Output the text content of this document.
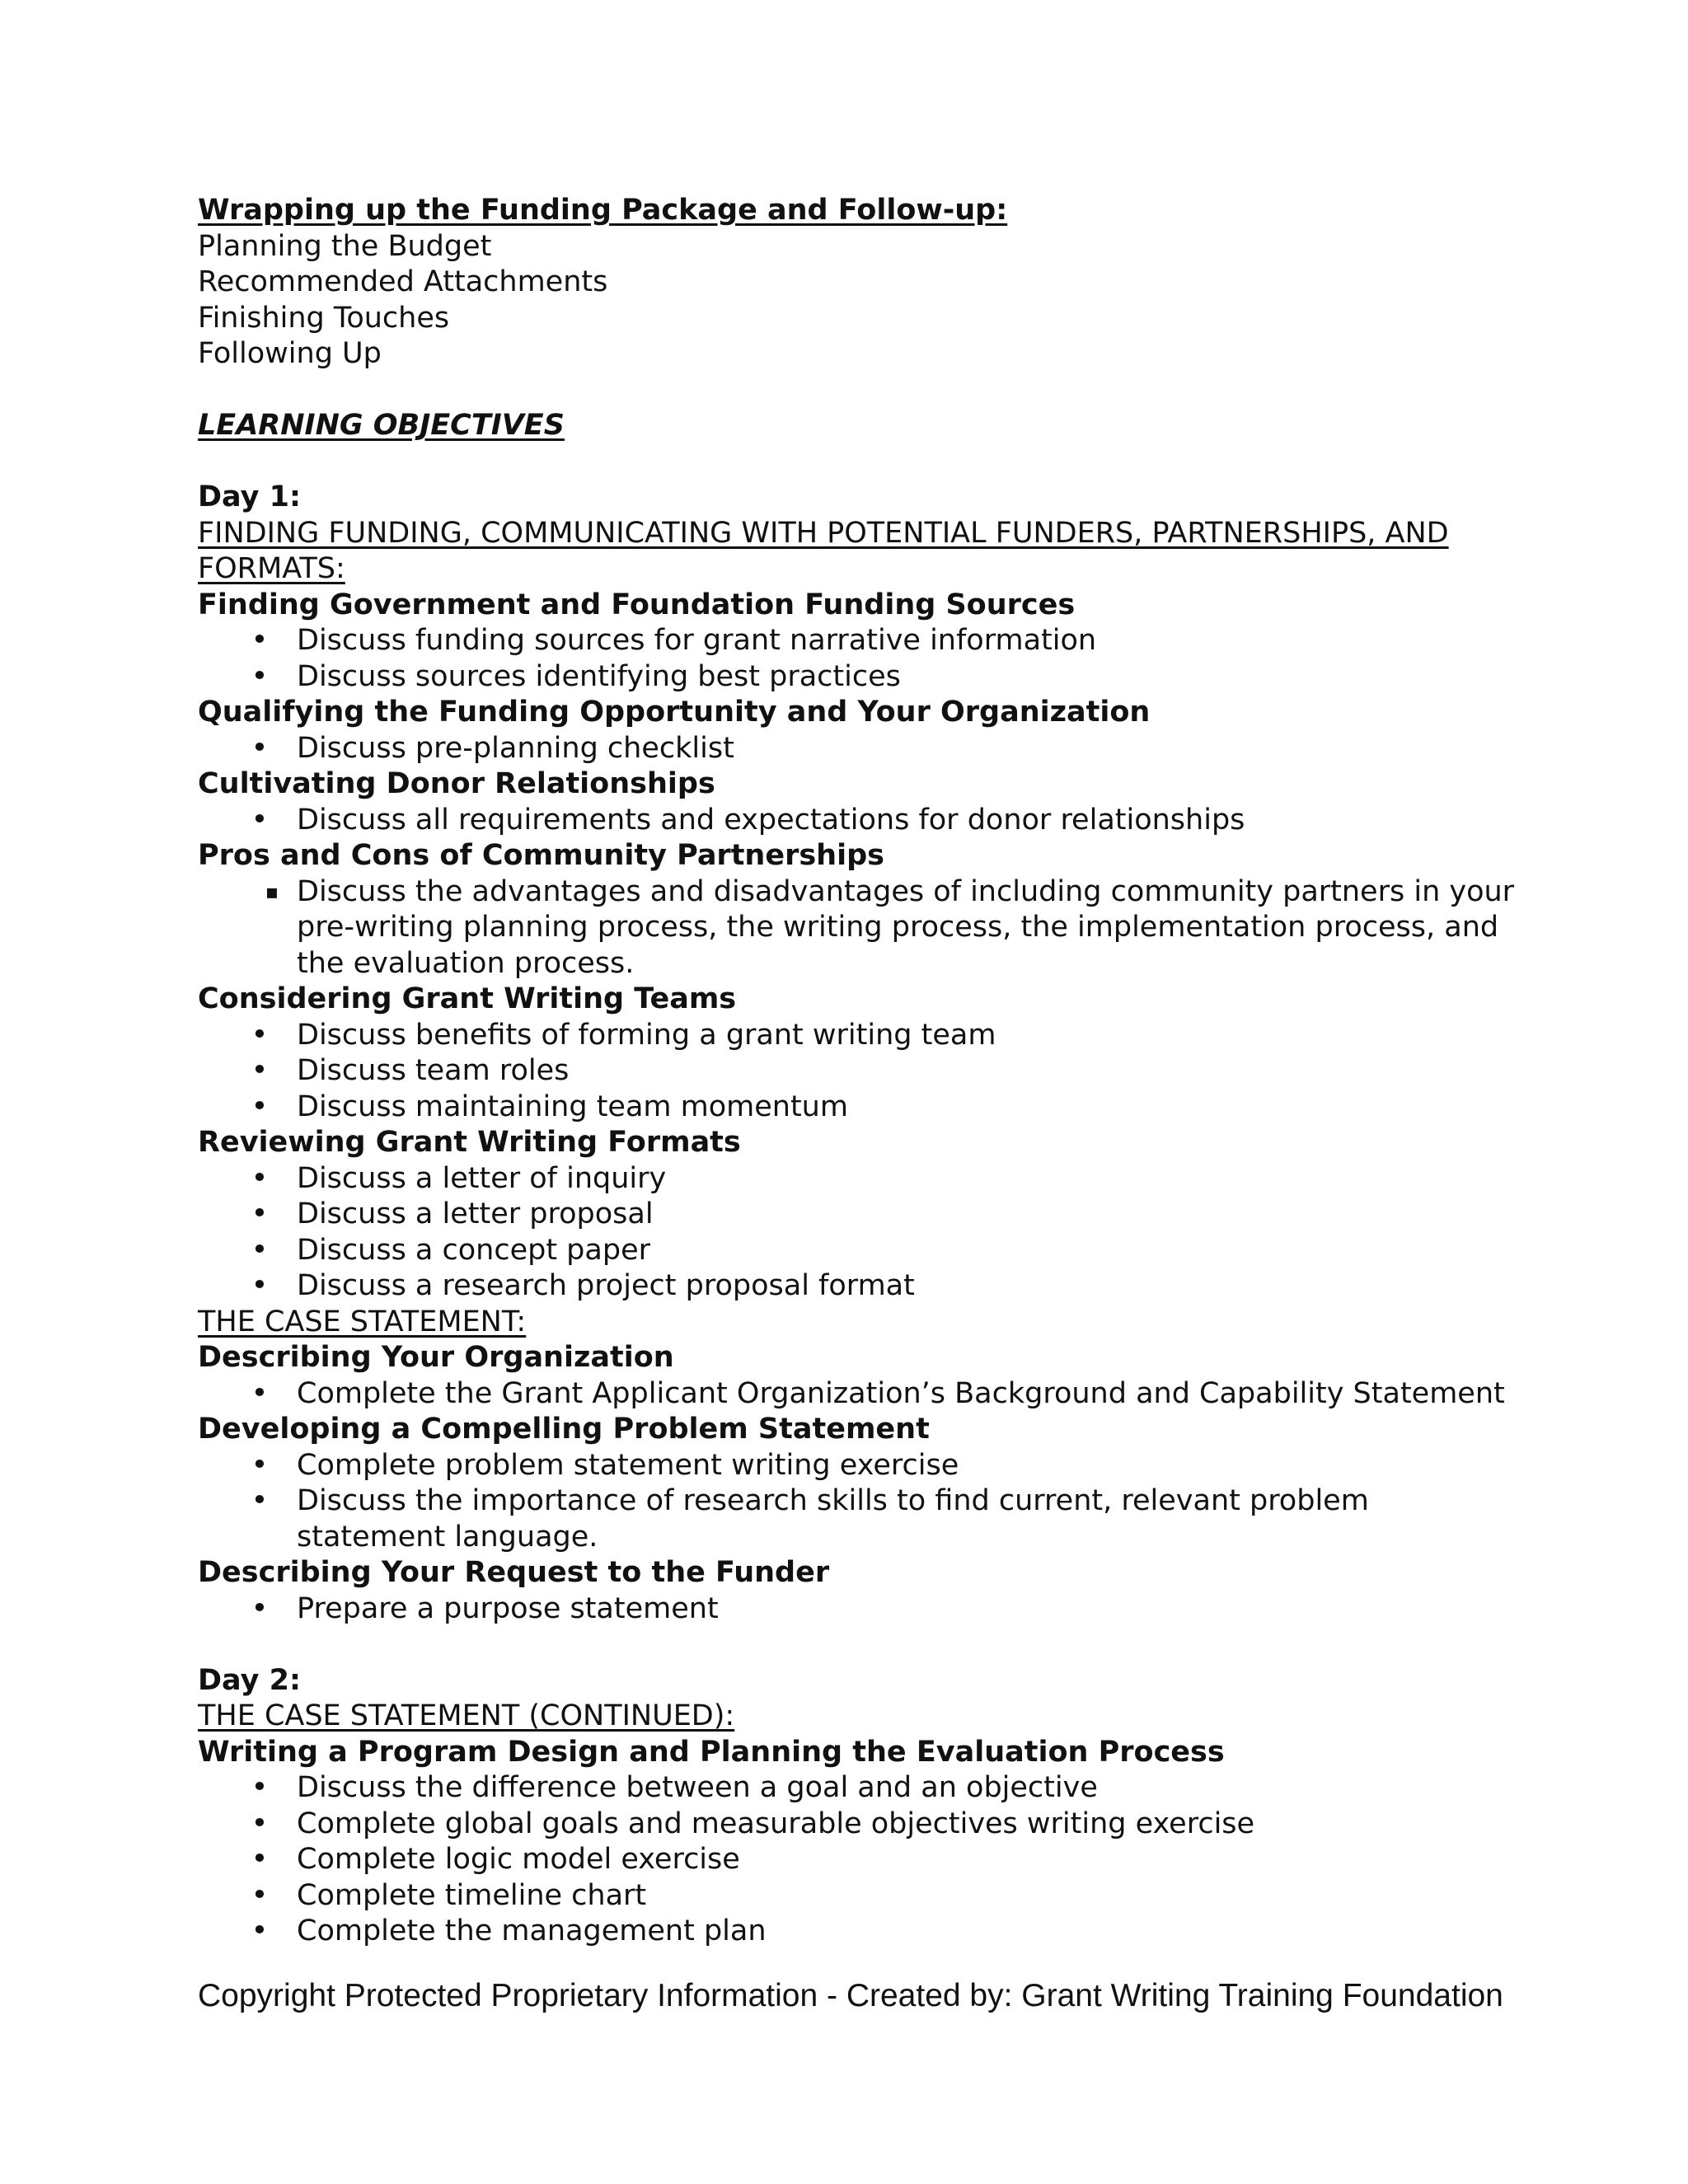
Wrapping up the Funding Package and Follow-up:
Planning the Budget
Recommended Attachments
Finishing Touches
Following Up
LEARNING OBJECTIVES
Day 1:
FINDING FUNDING, COMMUNICATING WITH POTENTIAL FUNDERS, PARTNERSHIPS, AND
FORMATS:
Finding Government and Foundation Funding Sources
• Discuss funding sources for grant narrative information
• Discuss sources identifying best practices
Qualifying the Funding Opportunity and Your Organization
• Discuss pre-planning checklist
Cultivating Donor Relationships
• Discuss all requirements and expectations for donor relationships
Pros and Cons of Community Partnerships
▪ Discuss the advantages and disadvantages of including community partners in your pre-writing planning process, the writing process, the implementation process, and the evaluation process.
Considering Grant Writing Teams
• Discuss benefits of forming a grant writing team
• Discuss team roles
• Discuss maintaining team momentum
Reviewing Grant Writing Formats
• Discuss a letter of inquiry
• Discuss a letter proposal
• Discuss a concept paper
• Discuss a research project proposal format
THE CASE STATEMENT:
Describing Your Organization
• Complete the Grant Applicant Organization’s Background and Capability Statement
Developing a Compelling Problem Statement
• Complete problem statement writing exercise
• Discuss the importance of research skills to find current, relevant problem statement language.
Describing Your Request to the Funder
• Prepare a purpose statement
Day 2:
THE CASE STATEMENT (CONTINUED):
Writing a Program Design and Planning the Evaluation Process
• Discuss the difference between a goal and an objective
• Complete global goals and measurable objectives writing exercise
• Complete logic model exercise
• Complete timeline chart
• Complete the management plan
Copyright Protected Proprietary Information - Created by: Grant Writing Training Foundation
